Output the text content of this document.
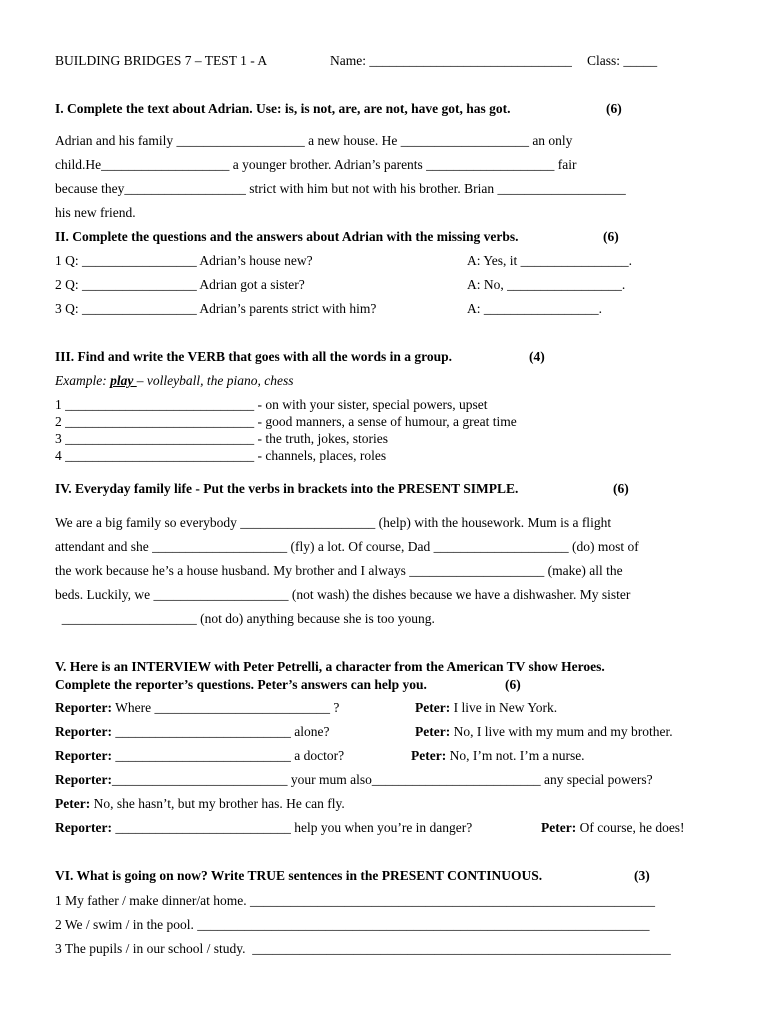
BUILDING BRIDGES 7 – TEST 1 - A	Name: ______________________________ Class: _____
I. Complete the text about Adrian. Use: is, is not, are, are not, have got, has got.	(6)
Adrian and his family ___________________ a new house. He ___________________ an only
child.He___________________ a younger brother. Adrian’s parents ___________________ fair
because they__________________ strict with him but not with his brother. Brian ___________________
his new friend.
II. Complete the questions and the answers about Adrian with the missing verbs.	(6)
1 Q: _________________ Adrian’s house new?	A: Yes, it ________________.
2 Q: _________________ Adrian got a sister?	A: No, _________________.
3 Q: _________________ Adrian’s parents strict with him?	A: _________________.
III. Find and write the VERB that goes with all the words in a group.	(4)
Example: play – volleyball, the piano, chess
1 ____________________________ - on with your sister, special powers, upset
2 ____________________________ - good manners, a sense of humour, a great time
3 ____________________________ - the truth, jokes, stories
4 ____________________________ - channels, places, roles
IV. Everyday family life - Put the verbs in brackets into the PRESENT SIMPLE.	(6)
We are a big family so everybody ____________________ (help) with the housework. Mum is a flight
attendant and she ____________________ (fly) a lot. Of course, Dad ____________________ (do) most of
the work because he’s a house husband. My brother and I always ____________________ (make) all the
beds. Luckily, we ____________________ (not wash) the dishes because we have a dishwasher. My sister
____________________ (not do) anything because she is too young.
V. Here is an INTERVIEW with Peter Petrelli, a character from the American TV show Heroes.
Complete the reporter’s questions. Peter’s answers can help you.	(6)
Reporter: Where __________________________ ?	Peter: I live in New York.
Reporter: __________________________ alone?	Peter: No, I live with my mum and my brother.
Reporter: __________________________ a doctor?	Peter: No, I’m not. I’m a nurse.
Reporter:__________________________ your mum also_________________________ any special powers?
Peter: No, she hasn’t, but my brother has. He can fly.
Reporter: __________________________ help you when you’re in danger?	Peter: Of course, he does!
VI. What is going on now? Write TRUE sentences in the PRESENT CONTINUOUS.	(3)
1 My father / make dinner/at home. ____________________________________________________________
2 We / swim / in the pool. ___________________________________________________________________
3 The pupils / in our school / study.  ______________________________________________________________
